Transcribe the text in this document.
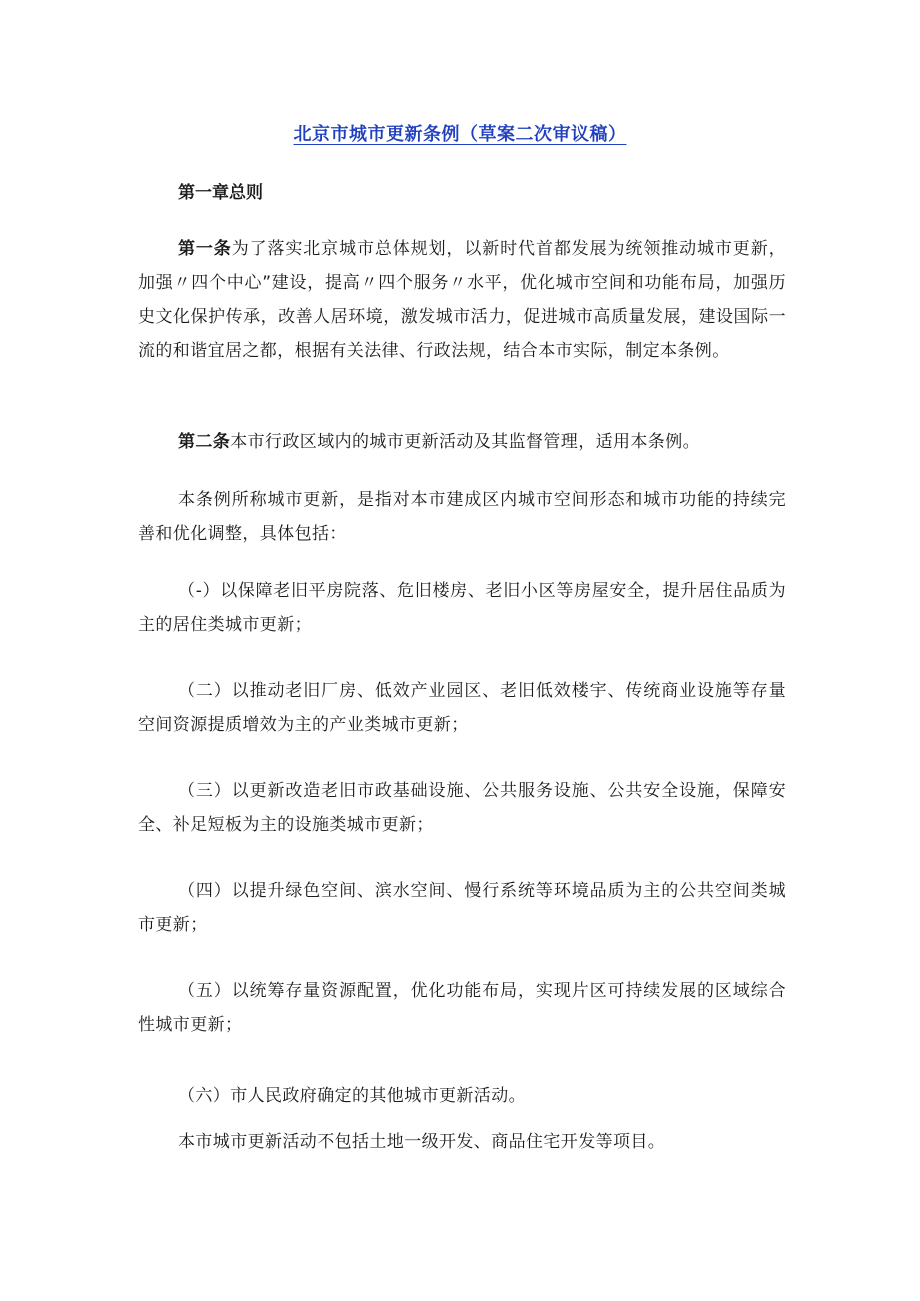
北京市城市更新条例（草案二次审议稿）
第一章总则
第一条为了落实北京城市总体规划，以新时代首都发展为统领推动城市更新，加强〃四个中心”建设，提高〃四个服务〃水平，优化城市空间和功能布局，加强历史文化保护传承，改善人居环境，激发城市活力，促进城市高质量发展，建设国际一流的和谐宜居之都，根据有关法律、行政法规，结合本市实际，制定本条例。
第二条本市行政区域内的城市更新活动及其监督管理，适用本条例。
本条例所称城市更新，是指对本市建成区内城市空间形态和城市功能的持续完善和优化调整，具体包括：
（-）以保障老旧平房院落、危旧楼房、老旧小区等房屋安全，提升居住品质为主的居住类城市更新；
（二）以推动老旧厂房、低效产业园区、老旧低效楼宇、传统商业设施等存量空间资源提质增效为主的产业类城市更新；
（三）以更新改造老旧市政基础设施、公共服务设施、公共安全设施，保障安全、补足短板为主的设施类城市更新；
（四）以提升绿色空间、滨水空间、慢行系统等环境品质为主的公共空间类城市更新；
（五）以统筹存量资源配置，优化功能布局，实现片区可持续发展的区域综合性城市更新；
（六）市人民政府确定的其他城市更新活动。
本市城市更新活动不包括土地一级开发、商品住宅开发等项目。
